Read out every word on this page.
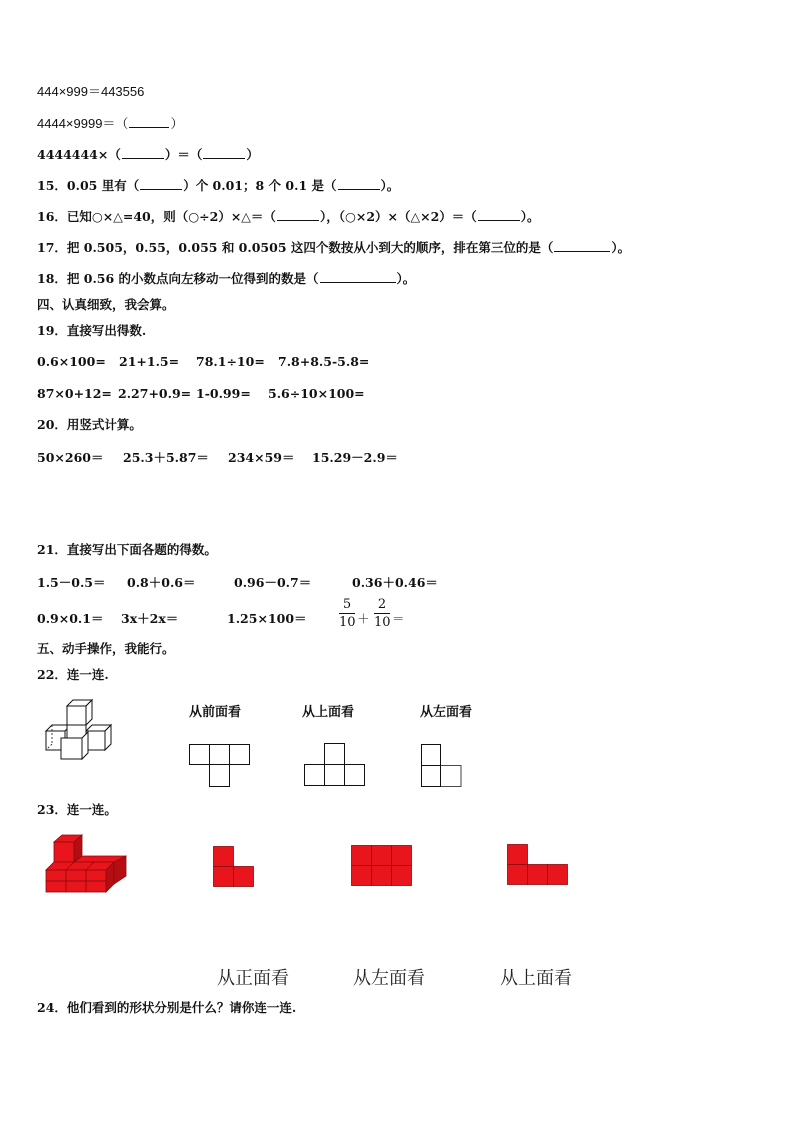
444×999＝443556
4444×9999＝（	）
4444444×（	）＝（	）
15．0.05 里有（	）个 0.01；8 个 0.1 是（	）。
16．已知○×△=40，则（○÷2）×△＝（	），（○×2）×（△×2）＝（	）。
17．把 0.505，0.55，0.055 和 0.0505 这四个数按从小到大的顺序，排在第三位的是（	）。
18．把 0.56 的小数点向左移动一位得到的数是（	）。
四、认真细致，我会算。
19．直接写出得数.
0.6×100= 21+1.5= 78.1÷10= 7.8+8.5-5.8=
87×0+12= 2.27+0.9= 1-0.99= 5.6÷10×100=
20．用竖式计算。
50×260＝ 25.3＋5.87＝ 234×59＝ 15.29－2.9＝
21．直接写出下面各题的得数。
1.5－0.5＝ 0.8＋0.6＝	0.96－0.7＝	0.36＋0.46＝
0.9×0.1＝ 3x＋2x＝	1.25×100＝
5
10 ＋
2
10 ＝
五、动手操作，我能行。
22．连一连.
从前面看	从上面看	从左面看
23．连一连。
从正面看	从左面看	从上面看
24．他们看到的形状分别是什么？请你连一连.
